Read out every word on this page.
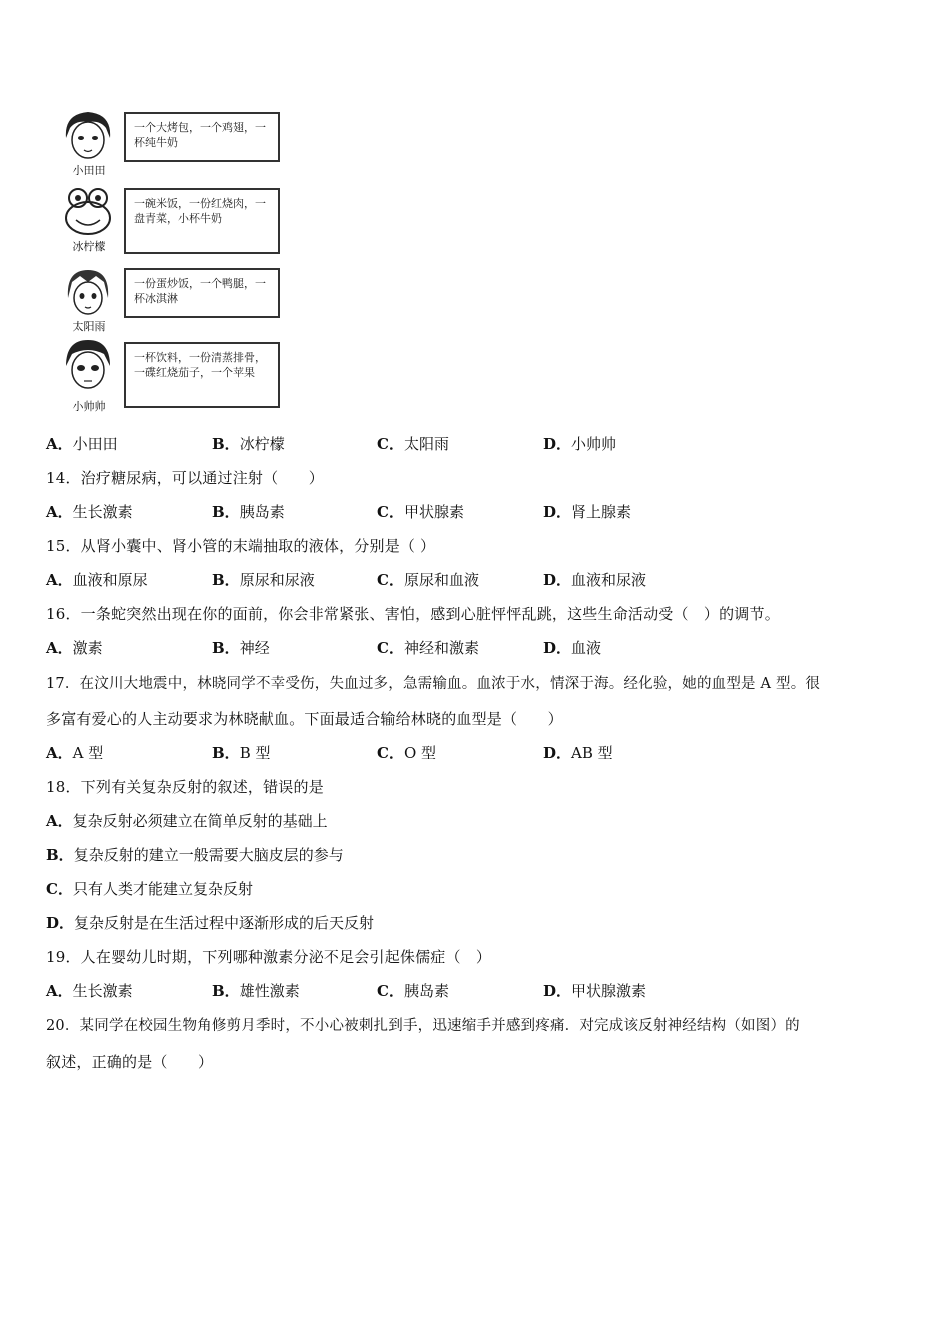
小田田
一个大烤包，一个鸡翅，一杯纯牛奶
冰柠檬
一碗米饭，一份红烧肉，一盘青菜，小杯牛奶
太阳雨
一份蛋炒饭，一个鸭腿，一杯冰淇淋
小帅帅
一杯饮料，一份清蒸排骨，一碟红烧茄子，一个苹果
A．小田田	B．冰柠檬	C．太阳雨	D．小帅帅
14．治疗糖尿病，可以通过注射（　　）
A．生长激素	B．胰岛素	C．甲状腺素	D．肾上腺素
15．从肾小囊中、肾小管的末端抽取的液体，分别是（ ）
A．血液和原尿	B．原尿和尿液	C．原尿和血液	D．血液和尿液
16．一条蛇突然出现在你的面前，你会非常紧张、害怕，感到心脏怦怦乱跳，这些生命活动受（　）的调节。
A．激素	B．神经	C．神经和激素	D．血液
17．在汶川大地震中，林晓同学不幸受伤，失血过多，急需输血。血浓于水，情深于海。经化验，她的血型是 A 型。很
多富有爱心的人主动要求为林晓献血。下面最适合输给林晓的血型是（　　）
A．A 型	B．B 型	C．O 型	D．AB 型
18．下列有关复杂反射的叙述，错误的是
A．复杂反射必须建立在简单反射的基础上
B．复杂反射的建立一般需要大脑皮层的参与
C．只有人类才能建立复杂反射
D．复杂反射是在生活过程中逐渐形成的后天反射
19．人在婴幼儿时期，下列哪种激素分泌不足会引起侏儒症（　）
A．生长激素	B．雄性激素	C．胰岛素	D．甲状腺激素
20．某同学在校园生物角修剪月季时，不小心被刺扎到手，迅速缩手并感到疼痛．对完成该反射神经结构（如图）的
叙述，正确的是（　　）
